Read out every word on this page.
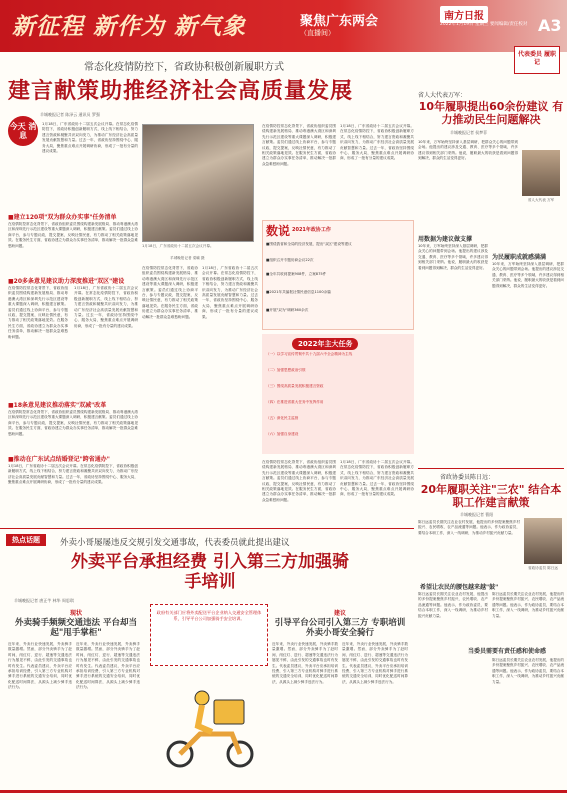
新征程 新作为 新气象	聚焦广东两会
（直播间）
南方日报
2022年1月19日 星期三 要闻编辑/责任校对 A3
常态化疫情防控下，省政协积极创新履职方式
建言献策助推经济社会高质量发展
羊城晚报记者 陈泽云 通讯员 罗强
今天 消息
1月18日，广东省政协十二届五次会议开幕。在常态化疫情防控下，省政协积极创新履职方式，线上线下相结合，努力建言资政和凝聚共识双向发力，为推动广东经济社会高质量发展贡献智慧和力量。过去一年，省政协坚持围绕中心、服务大局，聚焦重点难点开展调研协商，形成了一批有分量的建议成果。
■建立120项"双为群众办实事"任务清单
在疫情防控常态化背景下，省政协组织委员围绕构建新发展格局、推动粤港澳大湾区和深圳先行示范区建设等重大课题深入调研，积极建言献策。委员们通过线上协商平台，参与专题议政，提交提案，反映社情民意，有力推动了相关政策落地见效。在服务民生方面，省政协建立为群众办实事任务清单，推动解决一批群众急难愁盼问题。
■20多条意见建议助力深度推进"双区"建设
在疫情防控常态化背景下，省政协组织委员围绕构建新发展格局、推动粤港澳大湾区和深圳先行示范区建设等重大课题深入调研，积极建言献策。委员们通过线上协商平台，参与专题议政，提交提案，反映社情民意，有力推动了相关政策落地见效。在服务民生方面，省政协建立为群众办实事任务清单，推动解决一批群众急难愁盼问题。
1月18日，广东省政协十二届五次会议开幕。在常态化疫情防控下，省政协积极创新履职方式，线上线下相结合，努力建言资政和凝聚共识双向发力，为推动广东经济社会高质量发展贡献智慧和力量。过去一年，省政协坚持围绕中心、服务大局，聚焦重点难点开展调研协商，形成了一批有分量的建议成果。
■18条意见建议推动落实"双减"改革
在疫情防控常态化背景下，省政协组织委员围绕构建新发展格局、推动粤港澳大湾区和深圳先行示范区建设等重大课题深入调研，积极建言献策。委员们通过线上协商平台，参与专题议政，提交提案，反映社情民意，有力推动了相关政策落地见效。在服务民生方面，省政协建立为群众办实事任务清单，推动解决一批群众急难愁盼问题。
■推动在广东试点结婚登记"跨省通办"
1月18日，广东省政协十二届五次会议开幕。在常态化疫情防控下，省政协积极创新履职方式，线上线下相结合，努力建言资政和凝聚共识双向发力，为推动广东经济社会高质量发展贡献智慧和力量。过去一年，省政协坚持围绕中心、服务大局，聚焦重点难点开展调研协商，形成了一批有分量的建议成果。
1月18日，广东省政协十二届五次会议开幕。
羊城晚报记者 梁喻 摄
在疫情防控常态化背景下，省政协组织委员围绕构建新发展格局、推动粤港澳大湾区和深圳先行示范区建设等重大课题深入调研，积极建言献策。委员们通过线上协商平台，参与专题议政，提交提案，反映社情民意，有力推动了相关政策落地见效。在服务民生方面，省政协建立为群众办实事任务清单，推动解决一批群众急难愁盼问题。
1月18日，广东省政协十二届五次会议开幕。在常态化疫情防控下，省政协积极创新履职方式，线上线下相结合，努力建言资政和凝聚共识双向发力，为推动广东经济社会高质量发展贡献智慧和力量。过去一年，省政协坚持围绕中心、服务大局，聚焦重点难点开展调研协商，形成了一批有分量的建议成果。
在疫情防控常态化背景下，省政协组织委员围绕构建新发展格局、推动粤港澳大湾区和深圳先行示范区建设等重大课题深入调研，积极建言献策。委员们通过线上协商平台，参与专题议政，提交提案，反映社情民意，有力推动了相关政策落地见效。在服务民生方面，省政协建立为群众办实事任务清单，推动解决一批群众急难愁盼问题。
1月18日，广东省政协十二届五次会议开幕。在常态化疫情防控下，省政协积极创新履职方式，线上线下相结合，努力建言资政和凝聚共识双向发力，为推动广东经济社会高质量发展贡献智慧和力量。过去一年，省政协坚持围绕中心、服务大局，聚焦重点难点开展调研协商，形成了一批有分量的建议成果。
数说 2021年政协工作
■围绕我省和全局的经济发展，提出"双区"建设等建议
■组织召开专题协商会议22次
■全年共收到提案908件，立案875件
■2021年共编报社情民意信息1100余篇
■开展"双为"调研360余次
2022年主大任务
（一）以学习宣传贯彻中共十九届六中全会精神为主线
（二）加强思想政治引领
（三）围绕高质量发展积极建言资政
（四）在推进省重大任务中发挥作用
（五）深化民主监督
（六）加强自身建设
在疫情防控常态化背景下，省政协组织委员围绕构建新发展格局、推动粤港澳大湾区和深圳先行示范区建设等重大课题深入调研，积极建言献策。委员们通过线上协商平台，参与专题议政，提交提案，反映社情民意，有力推动了相关政策落地见效。在服务民生方面，省政协建立为群众办实事任务清单，推动解决一批群众急难愁盼问题。
1月18日，广东省政协十二届五次会议开幕。在常态化疫情防控下，省政协积极创新履职方式，线上线下相结合，努力建言资政和凝聚共识双向发力，为推动广东经济社会高质量发展贡献智慧和力量。过去一年，省政协坚持围绕中心、服务大局，聚焦重点难点开展调研协商，形成了一批有分量的建议成果。
代表委员 履职记
省人大代表万军：
10年履职提出60余份建议 有力推动民生问题解决
羊城晚报记者 侯梦菲
10年来，万军始终坚持深入基层调研，把群众关心的问题带到会场。他提出的建议涉及交通、教育、医疗等多个领域，许多建议得到相关部门采纳。他说，履职最大的收获是看到问题得到解决，群众的生活变得更好。
省人大代表 万军
用数据为建议做支撑
10年来，万军始终坚持深入基层调研，把群众关心的问题带到会场。他提出的建议涉及交通、教育、医疗等多个领域，许多建议得到相关部门采纳。他说，履职最大的收获是看到问题得到解决，群众的生活变得更好。
为民履职成就感满满
10年来，万军始终坚持深入基层调研，把群众关心的问题带到会场。他提出的建议涉及交通、教育、医疗等多个领域，许多建议得到相关部门采纳。他说，履职最大的收获是看到问题得到解决，群众的生活变得更好。
省政协委员陈日远：
20年履职关注"三农" 结合本职工作建言献策
羊城晚报记者 曹阳
陈日远委员长期关注农业农村发展，他提出的多份提案聚焦乡村振兴、农民增收、农产品流通等问题。他表示，作为政协委员，要结合本职工作，深入一线调研，为推动乡村振兴贡献力量。
省政协委员 陈日远
希望让农民的腰包越来越"鼓"
陈日远委员长期关注农业农村发展，他提出的多份提案聚焦乡村振兴、农民增收、农产品流通等问题。他表示，作为政协委员，要结合本职工作，深入一线调研，为推动乡村振兴贡献力量。
当委员需要有责任感和使命感
陈日远委员长期关注农业农村发展，他提出的多份提案聚焦乡村振兴、农民增收、农产品流通等问题。他表示，作为政协委员，要结合本职工作，深入一线调研，为推动乡村振兴贡献力量。
陈日远委员长期关注农业农村发展，他提出的多份提案聚焦乡村振兴、农民增收、农产品流通等问题。他表示，作为政协委员，要结合本职工作，深入一线调研，为推动乡村振兴贡献力量。
热点话题	外卖小哥屡屡违反交规引发交通事故，代表委员就此提出建议
外卖平台承担经费 引入第三方加强骑手培训
羊城晚报记者 唐正芊 林华 周思琪
现状
外卖骑手频频交通违法 平台却当起"甩手掌柜"
近年来，外卖行业快速发展，外卖骑手数量激增。然而，部分外卖骑手为了赶时间，闯红灯、逆行、超速等交通违法行为屡见不鲜，由此引发的交通事故也时有发生。代表委员建议，外卖平台应承担培训经费，引入第三方专业机构对骑手进行系统的交通安全培训，同时优化配送时间算法，从源头上减少骑手违法行为。
近年来，外卖行业快速发展，外卖骑手数量激增。然而，部分外卖骑手为了赶时间，闯红灯、逆行、超速等交通违法行为屡见不鲜，由此引发的交通事故也时有发生。代表委员建议，外卖平台应承担培训经费，引入第三方专业机构对骑手进行系统的交通安全培训，同时优化配送时间算法，从源头上减少骑手违法行为。
政府有关部门应将外卖配送平台企业纳入交通安全管理体系，引导平台公司加强骑手安全培训。
建议
引导平台公司引入第三方 专职培训外卖小哥安全骑行
近年来，外卖行业快速发展，外卖骑手数量激增。然而，部分外卖骑手为了赶时间，闯红灯、逆行、超速等交通违法行为屡见不鲜，由此引发的交通事故也时有发生。代表委员建议，外卖平台应承担培训经费，引入第三方专业机构对骑手进行系统的交通安全培训，同时优化配送时间算法，从源头上减少骑手违法行为。
近年来，外卖行业快速发展，外卖骑手数量激增。然而，部分外卖骑手为了赶时间，闯红灯、逆行、超速等交通违法行为屡见不鲜，由此引发的交通事故也时有发生。代表委员建议，外卖平台应承担培训经费，引入第三方专业机构对骑手进行系统的交通安全培训，同时优化配送时间算法，从源头上减少骑手违法行为。
